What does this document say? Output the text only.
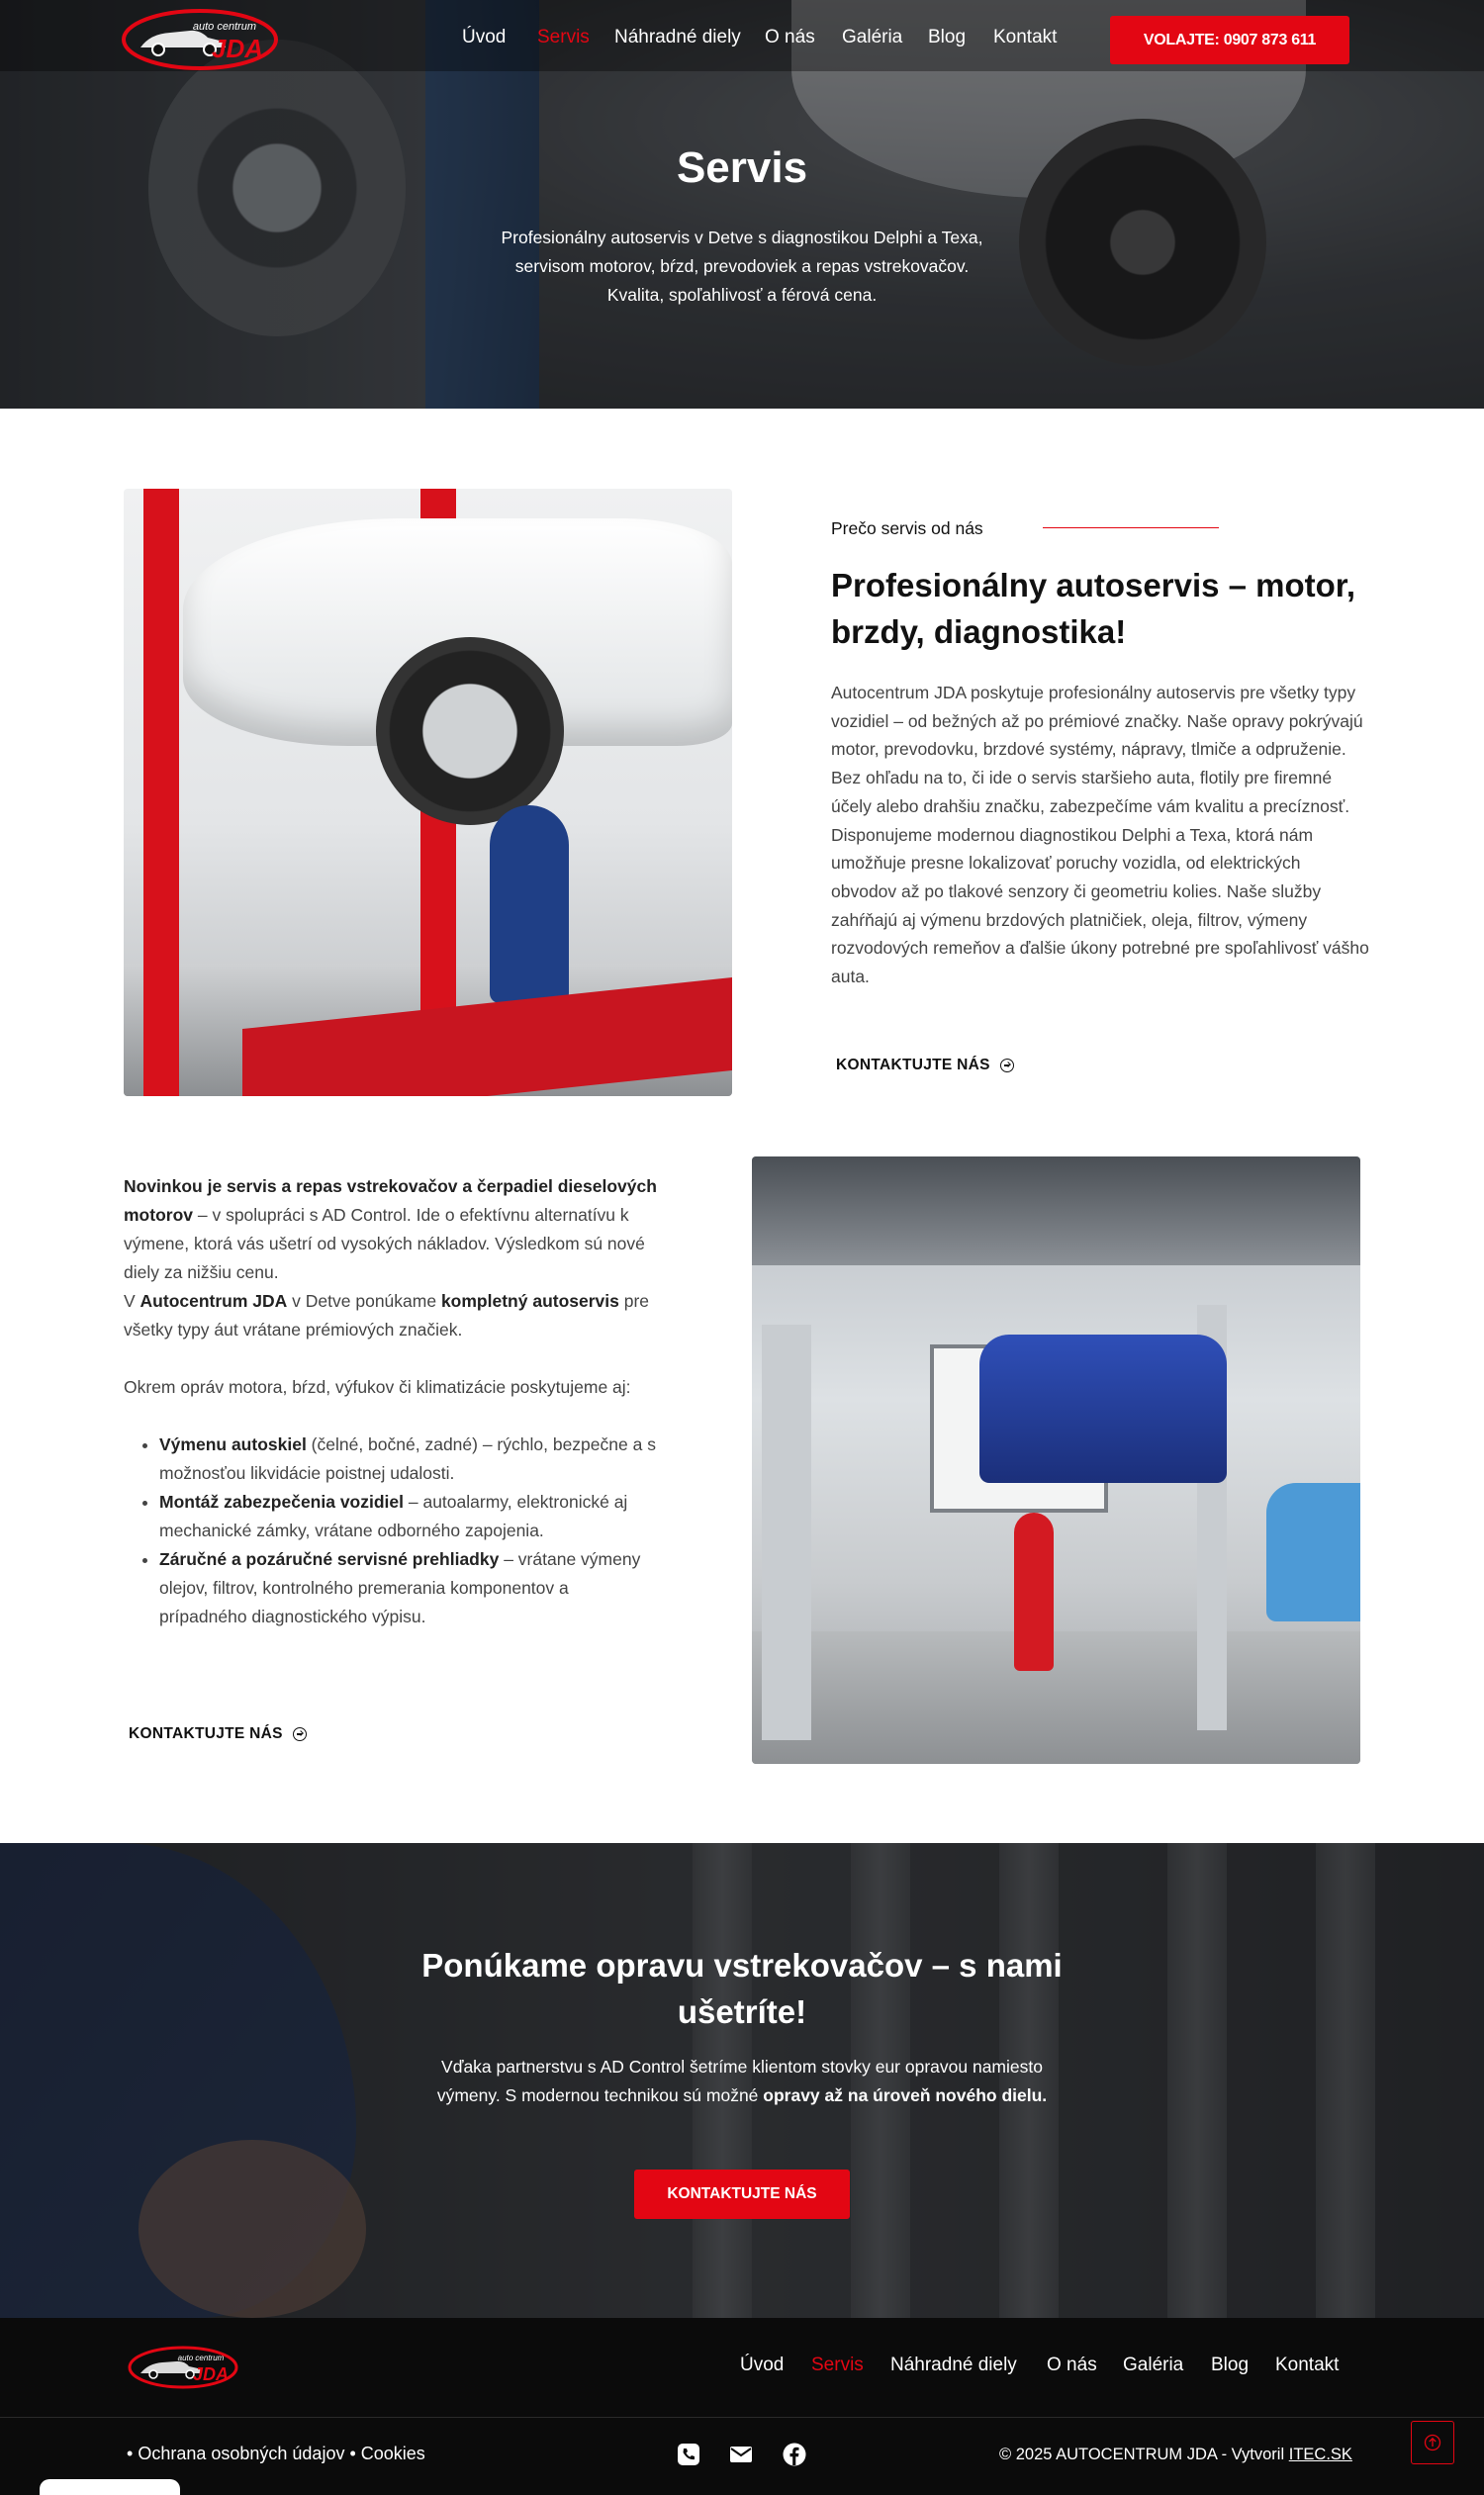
Servis

Profesionálny autoservis v Detve s diagnostikou Delphi a Texa, servisom motorov, bŕzd, prevodoviek a repas vstrekovačov. Kvalita, spoľahlivosť a férová cena.

auto centrum
JDA	Úvod Servis Náhradné diely O nás Galéria Blog Kontakt	VOLAJTE: 0907 873 611
Prečo servis od nás
Profesionálny autoservis – motor, brzdy, diagnostika!

Autocentrum JDA poskytuje profesionálny autoservis pre všetky typy vozidiel – od bežných až po prémiové značky. Naše opravy pokrývajú motor, prevodovku, brzdové systémy, nápravy, tlmiče a odpruženie. Bez ohľadu na to, či ide o servis staršieho auta, flotily pre firemné účely alebo drahšiu značku, zabezpečíme vám kvalitu a precíznosť. Disponujeme modernou diagnostikou Delphi a Texa, ktorá nám umožňuje presne lokalizovať poruchy vozidla, od elektrických obvodov až po tlakové senzory či geometriu kolies. Naše služby zahŕňajú aj výmenu brzdových platničiek, oleja, filtrov, výmeny rozvodových remeňov a ďalšie úkony potrebné pre spoľahlivosť vášho auta.

KONTAKTUJTE NÁS

Novinkou je servis a repas vstrekovačov a čerpadiel dieselových motorov – v spolupráci s AD Control. Ide o efektívnu alternatívu k výmene, ktorá vás ušetrí od vysokých nákladov. Výsledkom sú nové diely za nižšiu cenu.
V Autocentrum JDA v Detve ponúkame kompletný autoservis pre všetky typy áut vrátane prémiových značiek.

Okrem opráv motora, bŕzd, výfukov či klimatizácie poskytujeme aj:

• Výmenu autoskiel (čelné, bočné, zadné) – rýchlo, bezpečne a s možnosťou likvidácie poistnej udalosti.
• Montáž zabezpečenia vozidiel – autoalarmy, elektronické aj mechanické zámky, vrátane odborného zapojenia.
• Záručné a pozáručné servisné prehliadky – vrátane výmeny olejov, filtrov, kontrolného premerania komponentov a prípadného diagnostického výpisu.
KONTAKTUJTE NÁS
Ponúkame opravu vstrekovačov – s nami ušetríte!

Vďaka partnerstvu s AD Control šetríme klientom stovky eur opravou namiesto výmeny. S modernou technikou sú možné opravy až na úroveň nového dielu.

KONTAKTUJTE NÁS
auto centrum
JDA	Úvod Servis Náhradné diely O nás Galéria Blog Kontakt
• Ochrana osobných údajov • Cookies	© 2025 AUTOCENTRUM JDA - Vytvoril ITEC.SK
